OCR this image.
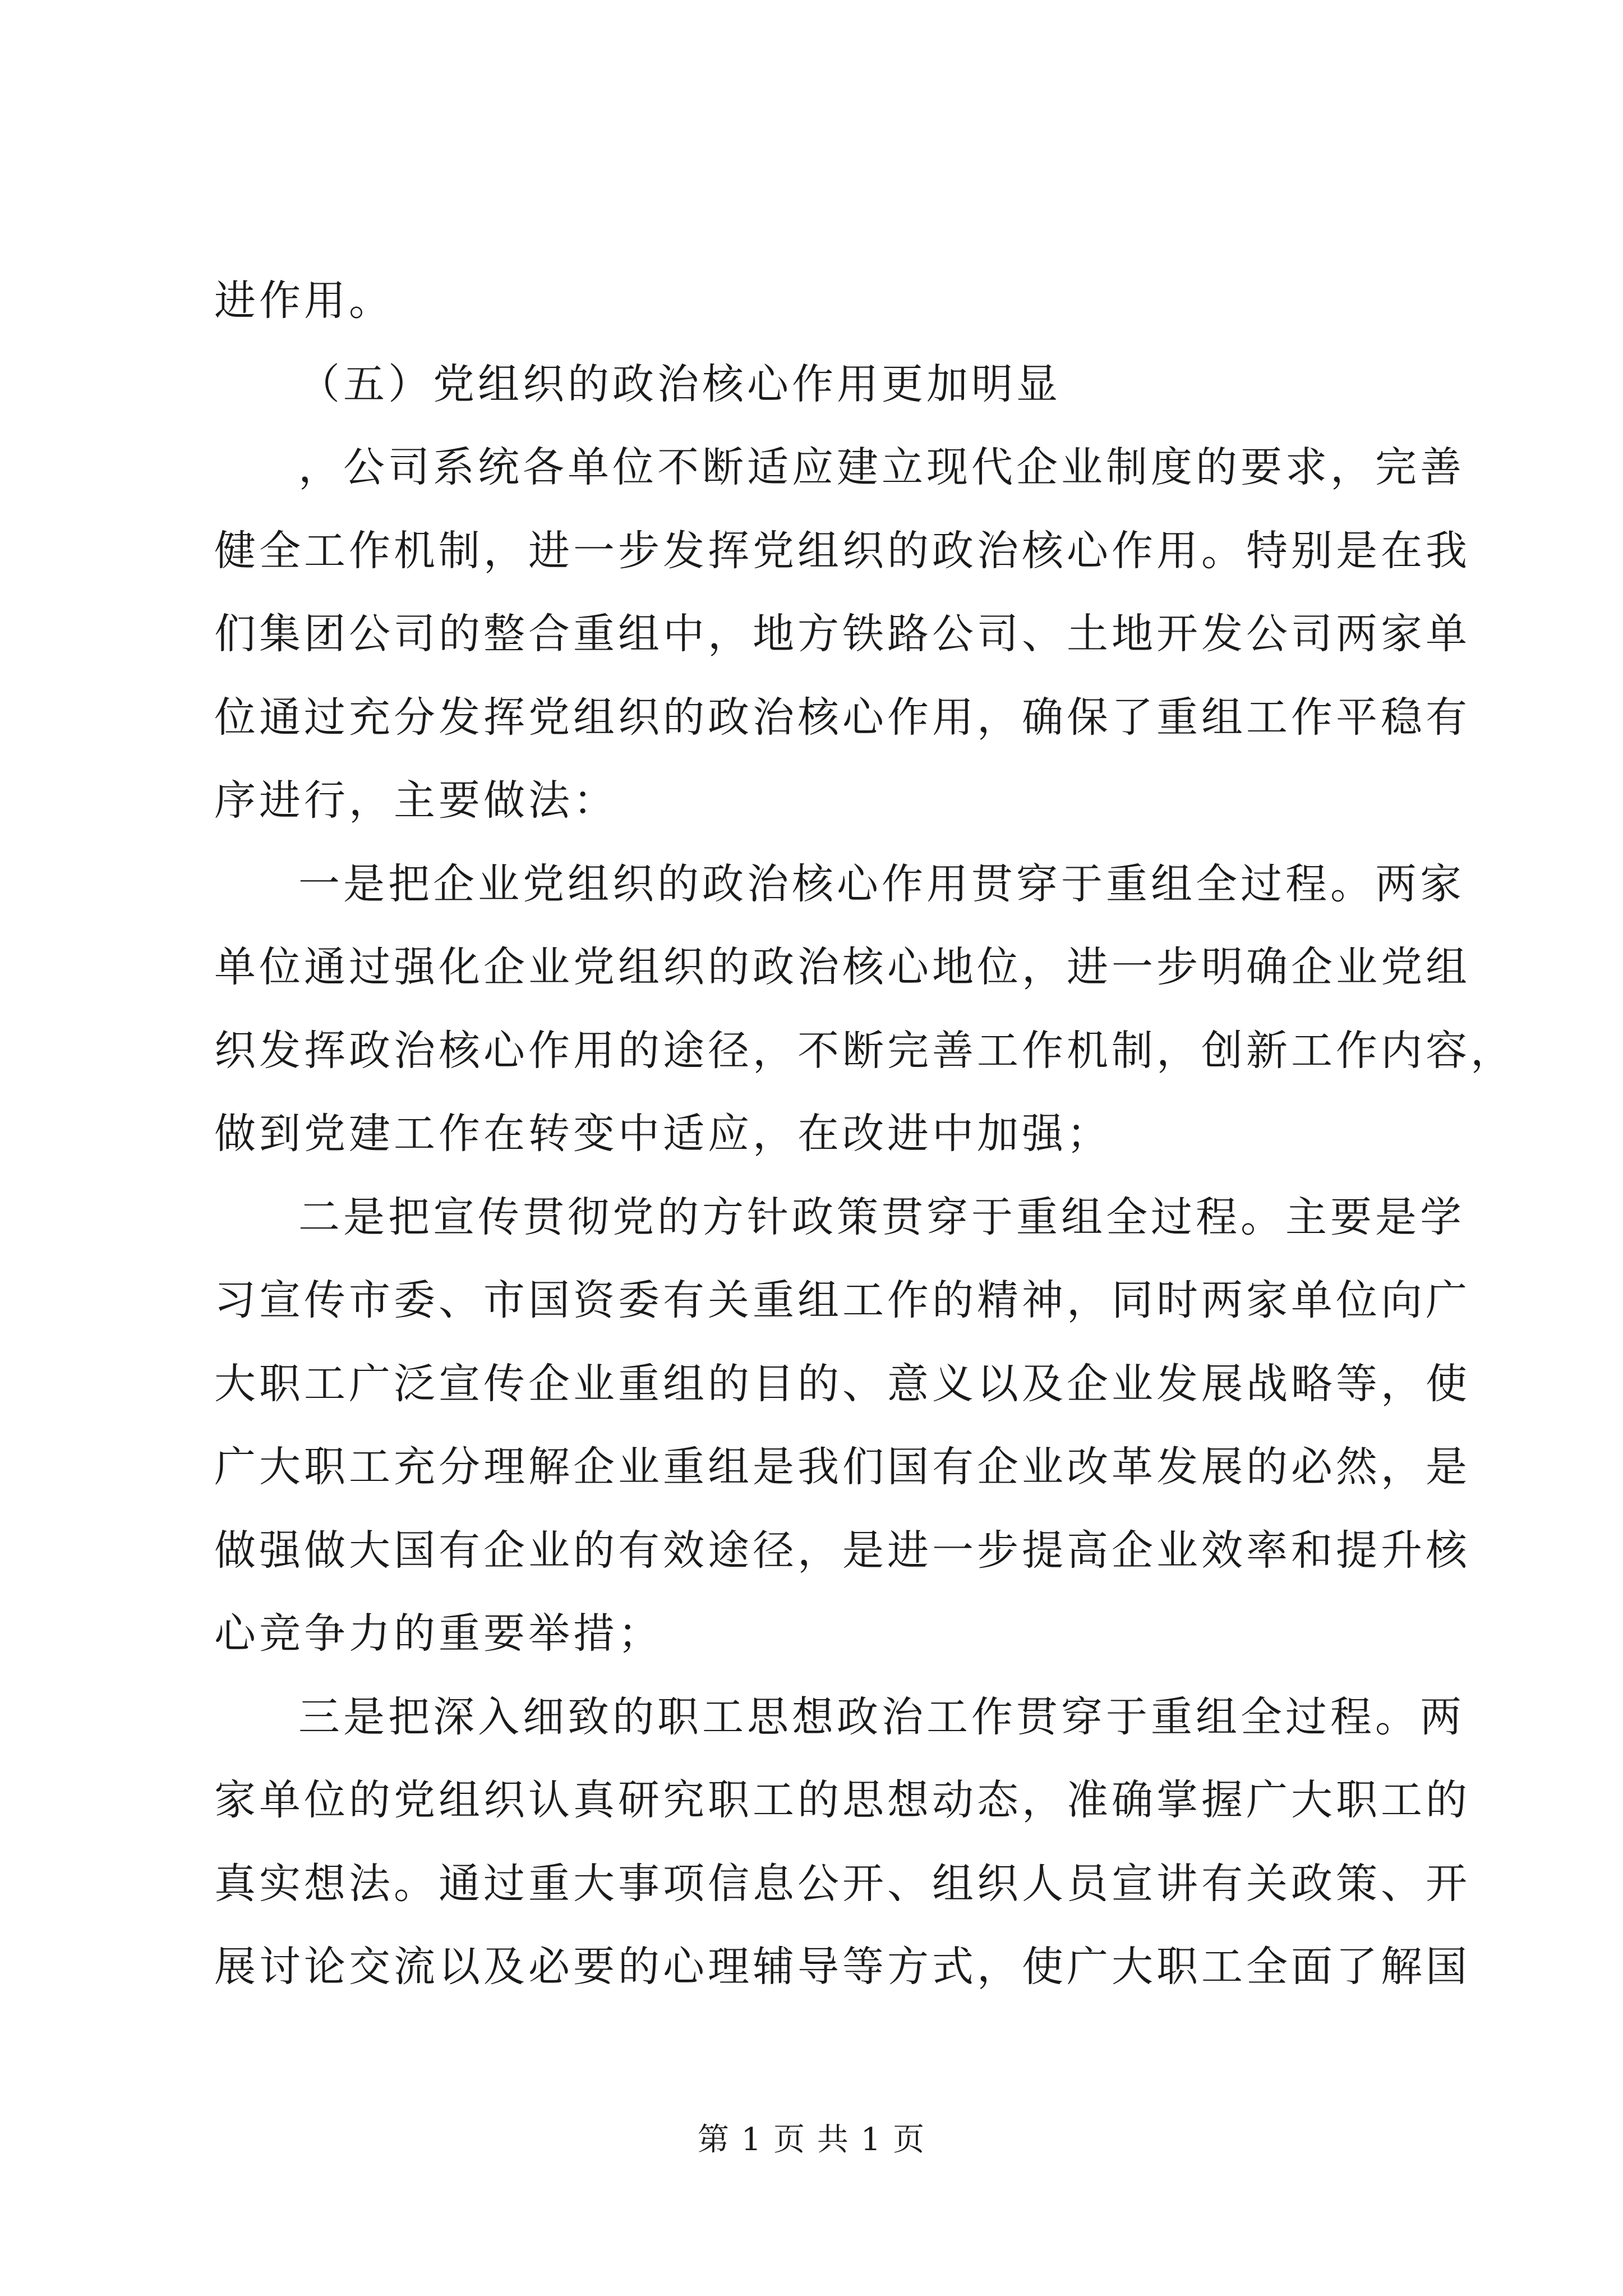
进作用。
（五）党组织的政治核心作用更加明显
，公司系统各单位不断适应建立现代企业制度的要求，完善
健全工作机制，进一步发挥党组织的政治核心作用。特别是在我
们集团公司的整合重组中，地方铁路公司、土地开发公司两家单
位通过充分发挥党组织的政治核心作用，确保了重组工作平稳有
序进行，主要做法：
一是把企业党组织的政治核心作用贯穿于重组全过程。两家
单位通过强化企业党组织的政治核心地位，进一步明确企业党组
织发挥政治核心作用的途径，不断完善工作机制，创新工作内容，
做到党建工作在转变中适应，在改进中加强；
二是把宣传贯彻党的方针政策贯穿于重组全过程。主要是学
习宣传市委、市国资委有关重组工作的精神，同时两家单位向广
大职工广泛宣传企业重组的目的、意义以及企业发展战略等，使
广大职工充分理解企业重组是我们国有企业改革发展的必然，是
做强做大国有企业的有效途径，是进一步提高企业效率和提升核
心竞争力的重要举措；
三是把深入细致的职工思想政治工作贯穿于重组全过程。两
家单位的党组织认真研究职工的思想动态，准确掌握广大职工的
真实想法。通过重大事项信息公开、组织人员宣讲有关政策、开
展讨论交流以及必要的心理辅导等方式，使广大职工全面了解国
第 1 页 共 1 页
